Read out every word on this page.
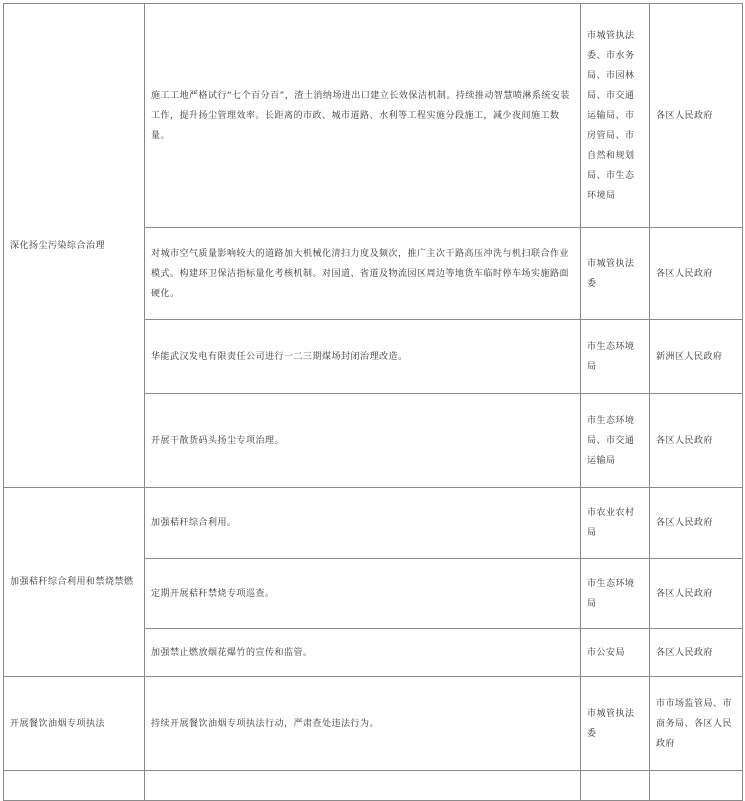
深化扬尘污染综合治理	施工工地严格试行“七个百分百”，渣土消纳场进出口建立长效保洁机制。持续推动智慧喷淋系统安装工作，提升扬尘管理效率。长距离的市政、城市道路、水利等工程实施分段施工，减少夜间施工数量。	市城管执法委、市水务局、市园林局、市交通运输局、市房管局、市自然和规划局、市生态环境局	各区人民政府

	对城市空气质量影响较大的道路加大机械化清扫力度及频次，推广主次干路高压冲洗与机扫联合作业模式。构建环卫保洁指标量化考核机制。对国道、省道及物流园区周边等地货车临时停车场实施路面硬化。	市城管执法委	各区人民政府

	华能武汉发电有限责任公司进行一二三期煤场封闭治理改造。	市生态环境局	新洲区人民政府

	开展干散货码头扬尘专项治理。	市生态环境局、市交通运输局	各区人民政府

加强秸秆综合利用和禁烧禁燃	加强秸秆综合利用。	市农业农村局	各区人民政府

	定期开展秸秆禁烧专项巡查。	市生态环境局	各区人民政府

	加强禁止燃放烟花爆竹的宣传和监管。	市公安局	各区人民政府

开展餐饮油烟专项执法	持续开展餐饮油烟专项执法行动，严肃查处违法行为。	市城管执法委	市市场监管局、市商务局、各区人民政府
